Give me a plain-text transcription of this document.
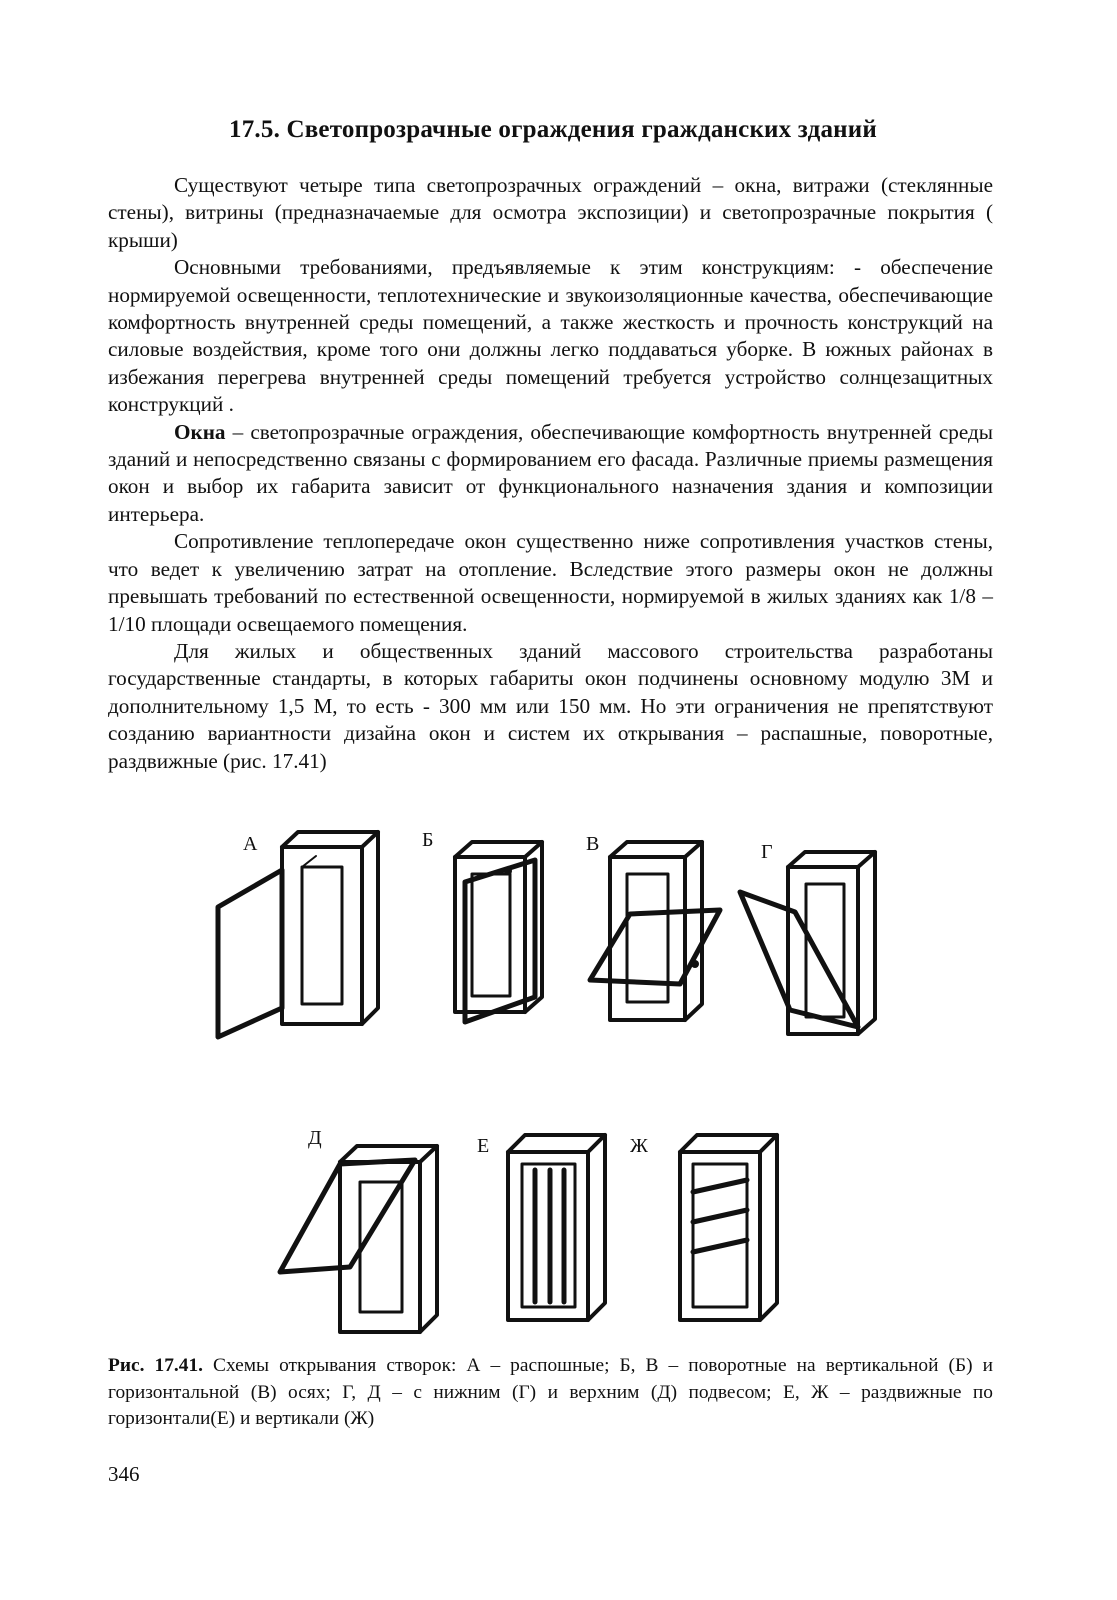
17.5. Светопрозрачные ограждения гражданских зданий

Существуют четыре типа светопрозрачных ограждений – окна, витражи (стеклянные стены), витрины (предназначаемые для осмотра экспозиции) и светопрозрачные покрытия ( крыши)

Основными требованиями, предъявляемые к этим конструкциям: - обеспечение нормируемой освещенности, теплотехнические и звукоизоляционные качества, обеспечивающие комфортность внутренней среды помещений, а также жесткость и прочность конструкций на силовые воздействия, кроме того они должны легко поддаваться уборке. В южных районах в избежания перегрева внутренней среды помещений требуется устройство солнцезащитных конструкций .

Окна – светопрозрачные ограждения, обеспечивающие комфортность внутренней среды зданий и непосредственно связаны с формированием его фасада. Различные приемы размещения окон и выбор их габарита зависит от функционального назначения здания и композиции интерьера.

Сопротивление теплопередаче окон существенно ниже сопротивления участков стены, что ведет к увеличению затрат на отопление. Вследствие этого размеры окон не должны превышать требований по естественной освещенности, нормируемой в жилых зданиях как 1/8 – 1/10 площади освещаемого помещения.

Для жилых и общественных зданий массового строительства разработаны государственные стандарты, в которых габариты окон подчинены основному модулю 3М и дополнительному 1,5 М, то есть - 300 мм или 150 мм. Но эти ограничения не препятствуют созданию вариантности дизайна окон и систем их открывания – распашные, поворотные, раздвижные (рис. 17.41)

А	Б	В	Г
Д	Е	Ж
Рис. 17.41. Схемы открывания створок: А – распошные; Б, В – поворотные на вертикальной (Б) и горизонтальной (В) осях; Г, Д – с нижним (Г) и верхним (Д) подвесом; Е, Ж – раздвижные по горизонтали(Е) и вертикали (Ж)
346
